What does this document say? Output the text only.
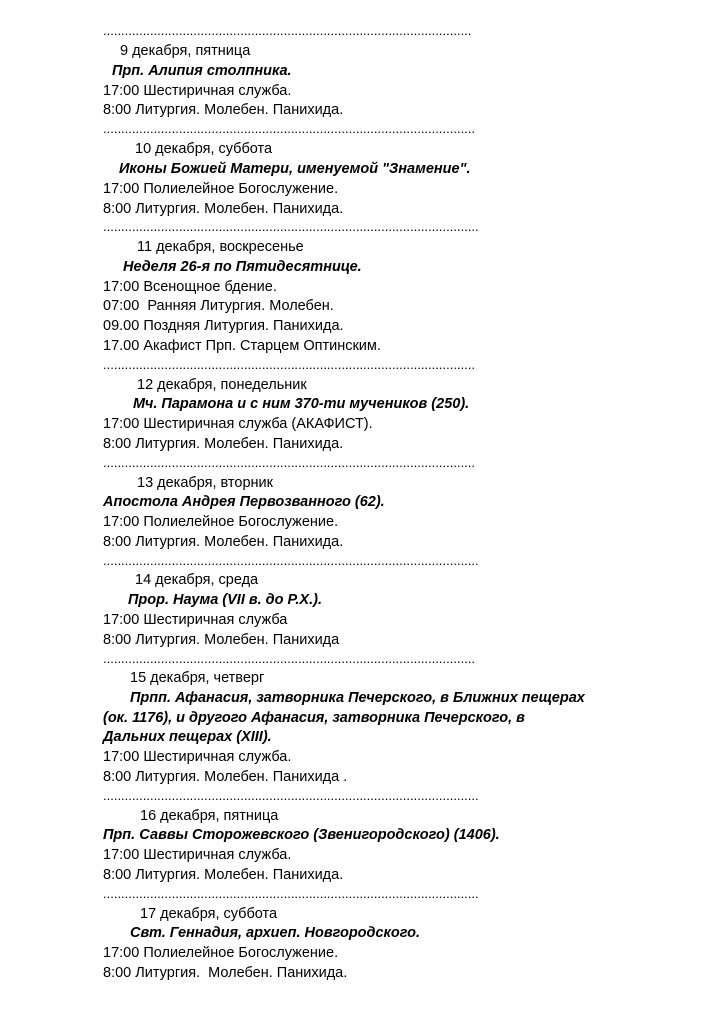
......................................................................................................
9 декабря, пятница
Прп. Алипия столпника.
17:00 Шестиричная служба.
8:00 Литургия. Молебен. Панихида.
.......................................................................................................
10 декабря, суббота
Иконы Божией Матери, именуемой "Знамение".
17:00 Полиелейное Богослужение.
8:00 Литургия. Молебен. Панихида.
........................................................................................................
11 декабря, воскресенье
Неделя 26-я по Пятидесятнице.
17:00 Всенощное бдение.
07:00  Ранняя Литургия. Молебен.
09.00 Поздняя Литургия. Панихида.
17.00 Акафист Прп. Старцем Оптинским.
.......................................................................................................
12 декабря, понедельник
Мч. Парамона и с ним 370-ти мучеников (250).
17:00 Шестиричная служба (АКАФИСТ).
8:00 Литургия. Молебен. Панихида.
.......................................................................................................
13 декабря, вторник
Апостола Андрея Первозванного (62).
17:00 Полиелейное Богослужение.
8:00 Литургия. Молебен. Панихида.
........................................................................................................
14 декабря, среда
Прор. Наума (VII в. до Р.Х.).
17:00 Шестиричная служба
8:00 Литургия. Молебен. Панихида
.......................................................................................................
15 декабря, четверг
Прпп. Афанасия, затворника Печерского, в Ближних пещерах
(ок. 1176), и другого Афанасия, затворника Печерского, в
Дальних пещерах (XIII).
17:00 Шестиричная служба.
8:00 Литургия. Молебен. Панихида .
........................................................................................................
16 декабря, пятница
Прп. Саввы Сторожевского (Звенигородского) (1406).
17:00 Шестиричная служба.
8:00 Литургия. Молебен. Панихида.
........................................................................................................
17 декабря, суббота
Свт. Геннадия, архиеп. Новгородского.
17:00 Полиелейное Богослужение.
8:00 Литургия.  Молебен. Панихида.
